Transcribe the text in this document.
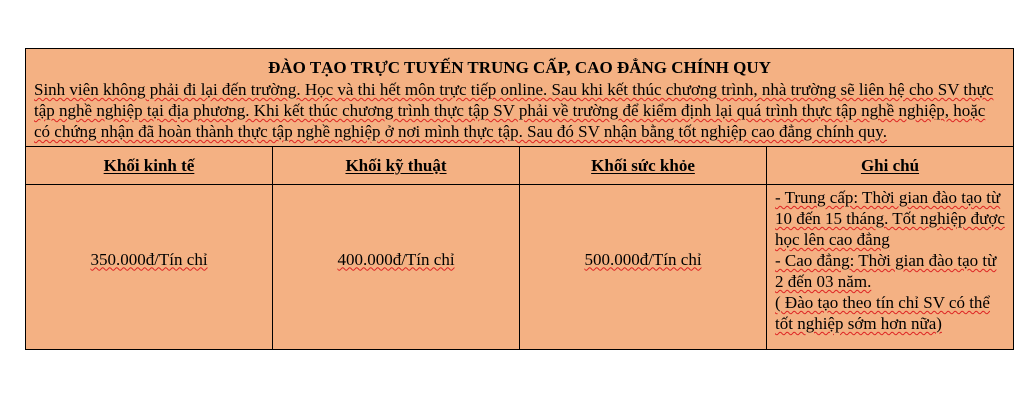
ĐÀO TẠO TRỰC TUYẾN TRUNG CẤP, CAO ĐẲNG CHÍNH QUY
Sinh viên không phải đi lại đến trường. Học và thi hết môn trực tiếp online. Sau khi kết thúc chương trình, nhà trường sẽ liên hệ cho SV thực tập nghề nghiệp tại địa phương. Khi kết thúc chương trình thực tập SV phải về trường để kiểm định lại quá trình thực tập nghề nghiệp, hoặc có chứng nhận đã hoàn thành thực tập nghề nghiệp ở nơi mình thực tập. Sau đó SV nhận bằng tốt nghiệp cao đẳng chính quy.			

Khối kinh tế	Khối kỹ thuật	Khối sức khỏe	Ghi chú
350.000đ/Tín chỉ	400.000đ/Tín chỉ	500.000đ/Tín chỉ	- Trung cấp: Thời gian đào tạo từ 10 đến 15 tháng. Tốt nghiệp được học lên cao đẳng
- Cao đẳng: Thời gian đào tạo từ 2 đến 03 năm.
( Đào tạo theo tín chỉ SV có thể tốt nghiệp sớm hơn nữa)
